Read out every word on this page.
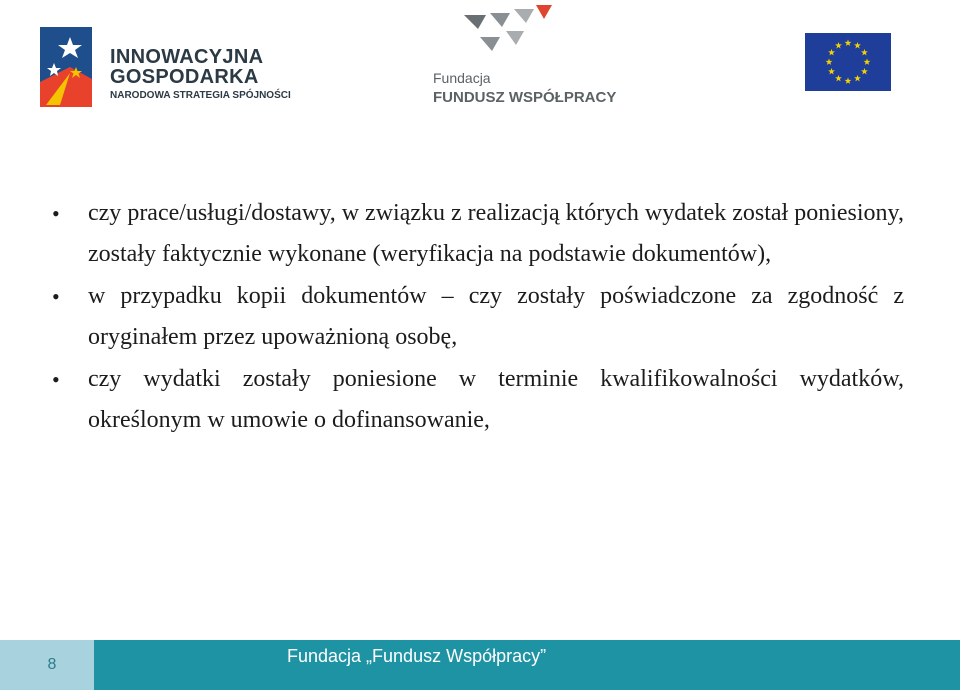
INNOWACYJNA
GOSPODARKA
NARODOWA STRATEGIA SPÓJNOŚCI
Fundacja
FUNDUSZ WSPÓŁPRACY
• czy prace/usługi/dostawy, w związku z realizacją których wydatek został poniesiony, zostały faktycznie wykonane (weryfikacja na podstawie dokumentów),
• w przypadku kopii dokumentów – czy zostały poświadczone za zgodność z oryginałem przez upoważnioną osobę,
• czy wydatki zostały poniesione w terminie kwalifikowalności wydatków, określonym w umowie o dofinansowanie,
8	Fundacja „Fundusz Współpracy”
